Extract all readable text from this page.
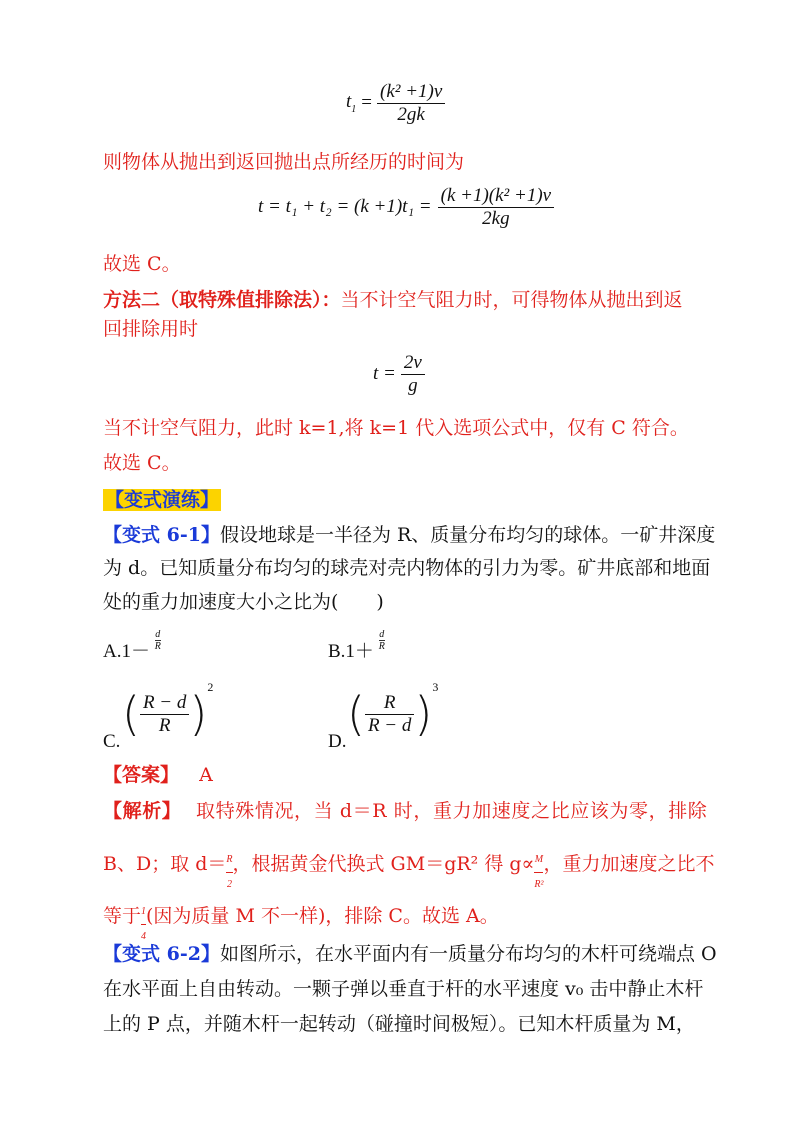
$t_1 = \frac{\text{(k² +1)v}}{2gk}$
则物体从抛出到返回抛出点所经历的时间为
$t = t_1 + t_2 = (k +1)t_1 = \frac{\text{(k +1)(k² +1)v}}{2kg}$
故选 C。
方法二（取特殊值排除法）：当不计空气阻力时，可得物体从抛出到返
回排除用时
$t = \frac{2v}{g}$
当不计空气阻力，此时 k=1,将 k=1 代入选项公式中，仅有 C 符合。
故选 C。
【变式演练】
【变式 6-1】假设地球是一半径为 R、质量分布均匀的球体。一矿井深度
为 d。已知质量分布均匀的球壳对壳内物体的引力为零。矿井底部和地面
处的重力加速度大小之比为(　　)
$A.1- \frac{d}{R}$	$B.1+ \frac{d}{R}$
C.
( $\frac{R - d}{R}$ ) 2
D.
( $\frac{R}{R - d}$ ) 3
【答案】 A
【解析】 取特殊情况，当 d＝R 时，重力加速度之比应该为零，排除
B、D；取 $d= \frac{R}{2}$ ，根据黄金代换式 GM＝gR² 得 $g\propto \frac{M}{\text{R²}}$ ，重力加速度之比不
等于 $\frac{1}{4}$ (因为质量 M 不一样)，排除 C。故选 A。
【变式 6-2】如图所示，在水平面内有一质量分布均匀的木杆可绕端点 O
在水平面上自由转动。一颗子弹以垂直于杆的水平速度 v₀ 击中静止木杆
上的 P 点，并随木杆一起转动（碰撞时间极短）。已知木杆质量为 M，
